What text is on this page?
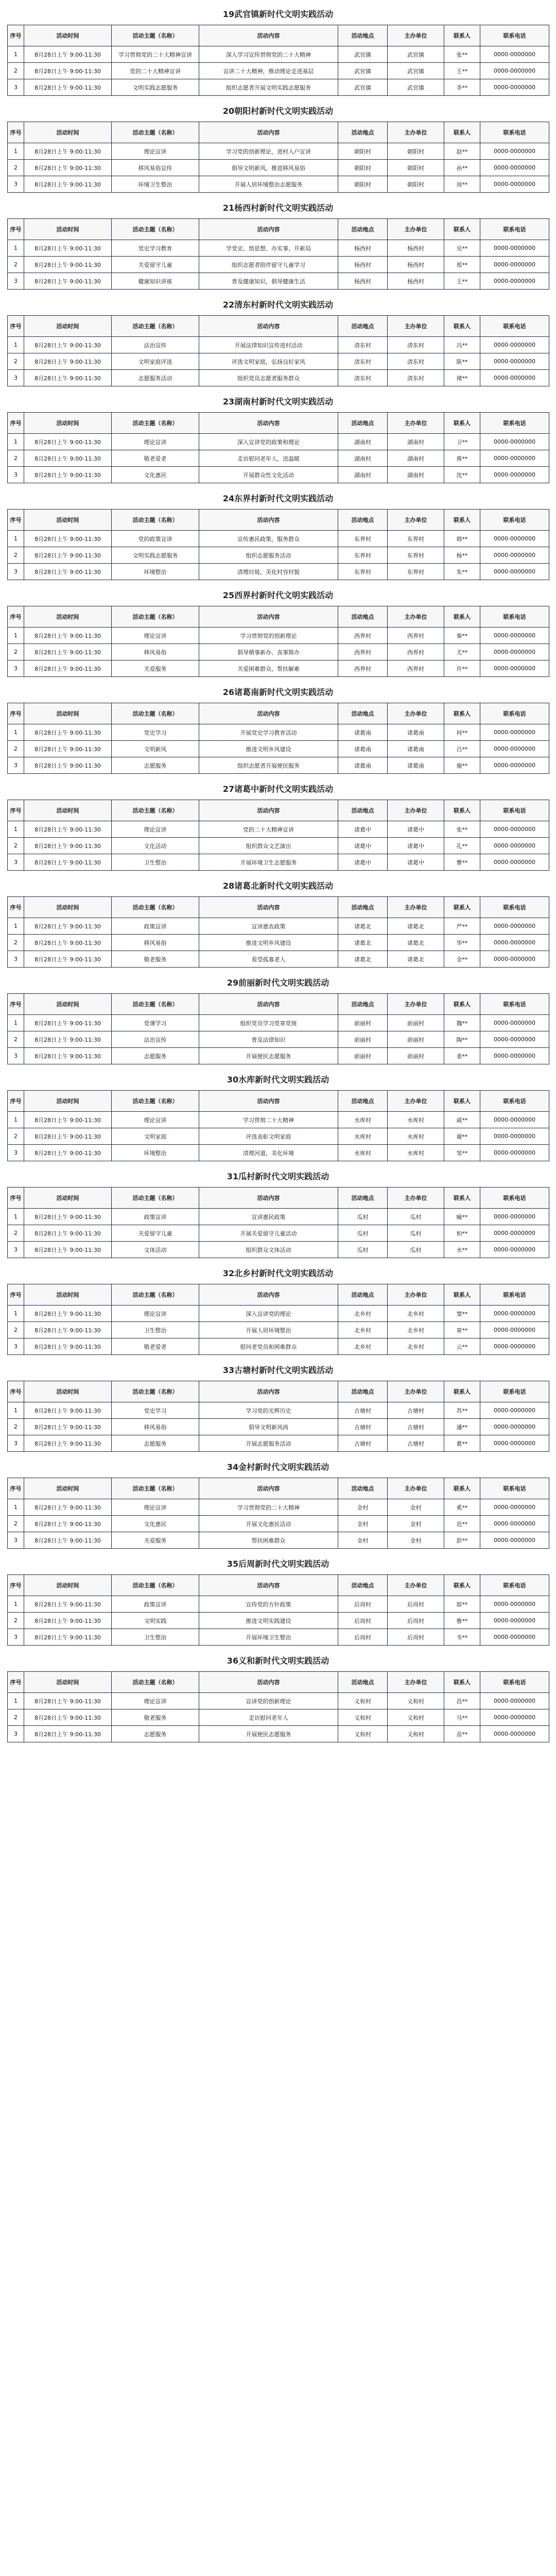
19武官镇新时代文明实践活动
序号	活动时间	活动主题（名称）	活动内容	活动地点	主办单位	联系人	联系电话
1	8月28日上午 9:00-11:30	学习贯彻党的二十大精神宣讲	深入学习宣传贯彻党的二十大精神	武官镇	武官镇	张**	0000-0000000
2	8月28日上午 9:00-11:30	党的二十大精神宣讲	宣讲二十大精神，推动理论走进基层	武官镇	武官镇	王**	0000-0000000
3	8月28日上午 9:00-11:30	文明实践志愿服务	组织志愿者开展文明实践志愿服务	武官镇	武官镇	李**	0000-0000000
20朝阳村新时代文明实践活动
序号	活动时间	活动主题（名称）	活动内容	活动地点	主办单位	联系人	联系电话
1	8月28日上午 9:00-11:30	理论宣讲	学习党的创新理论，进村入户宣讲	朝阳村	朝阳村	赵**	0000-0000000
2	8月28日上午 9:00-11:30	移风易俗宣传	倡导文明新风，推进移风易俗	朝阳村	朝阳村	孙**	0000-0000000
3	8月28日上午 9:00-11:30	环境卫生整治	开展人居环境整治志愿服务	朝阳村	朝阳村	周**	0000-0000000
21杨西村新时代文明实践活动
序号	活动时间	活动主题（名称）	活动内容	活动地点	主办单位	联系人	联系电话
1	8月28日上午 9:00-11:30	党史学习教育	学党史、悟思想、办实事、开新局	杨西村	杨西村	吴**	0000-0000000
2	8月28日上午 9:00-11:30	关爱留守儿童	组织志愿者陪伴留守儿童学习	杨西村	杨西村	郑**	0000-0000000
3	8月28日上午 9:00-11:30	健康知识讲座	普及健康知识，倡导健康生活	杨西村	杨西村	王**	0000-0000000
22清东村新时代文明实践活动
序号	活动时间	活动主题（名称）	活动内容	活动地点	主办单位	联系人	联系电话
1	8月28日上午 9:00-11:30	法治宣传	开展法律知识宣传进村活动	清东村	清东村	冯**	0000-0000000
2	8月28日上午 9:00-11:30	文明家庭评选	评选文明家庭，弘扬良好家风	清东村	清东村	陈**	0000-0000000
3	8月28日上午 9:00-11:30	志愿服务活动	组织党员志愿者服务群众	清东村	清东村	褚**	0000-0000000
23湖南村新时代文明实践活动
序号	活动时间	活动主题（名称）	活动内容	活动地点	主办单位	联系人	联系电话
1	8月28日上午 9:00-11:30	理论宣讲	深入宣讲党的政策和理论	湖南村	湖南村	卫**	0000-0000000
2	8月28日上午 9:00-11:30	敬老爱老	走访慰问老年人，送温暖	湖南村	湖南村	蒋**	0000-0000000
3	8月28日上午 9:00-11:30	文化惠民	开展群众性文化活动	湖南村	湖南村	沈**	0000-0000000
24东界村新时代文明实践活动
序号	活动时间	活动主题（名称）	活动内容	活动地点	主办单位	联系人	联系电话
1	8月28日上午 9:00-11:30	党的政策宣讲	宣传惠民政策，服务群众	东界村	东界村	韩**	0000-0000000
2	8月28日上午 9:00-11:30	文明实践志愿服务	组织志愿服务活动	东界村	东界村	杨**	0000-0000000
3	8月28日上午 9:00-11:30	环境整治	清理垃圾，美化村容村貌	东界村	东界村	朱**	0000-0000000
25西界村新时代文明实践活动
序号	活动时间	活动主题（名称）	活动内容	活动地点	主办单位	联系人	联系电话
1	8月28日上午 9:00-11:30	理论宣讲	学习贯彻党的创新理论	西界村	西界村	秦**	0000-0000000
2	8月28日上午 9:00-11:30	移风易俗	倡导婚事新办、丧事简办	西界村	西界村	尤**	0000-0000000
3	8月28日上午 9:00-11:30	关爱服务	关爱困难群众，帮扶解难	西界村	西界村	许**	0000-0000000
26诸葛南新时代文明实践活动
序号	活动时间	活动主题（名称）	活动内容	活动地点	主办单位	联系人	联系电话
1	8月28日上午 9:00-11:30	党史学习	开展党史学习教育活动	诸葛南	诸葛南	何**	0000-0000000
2	8月28日上午 9:00-11:30	文明新风	推进文明乡风建设	诸葛南	诸葛南	吕**	0000-0000000
3	8月28日上午 9:00-11:30	志愿服务	组织志愿者开展便民服务	诸葛南	诸葛南	施**	0000-0000000
27诸葛中新时代文明实践活动
序号	活动时间	活动主题（名称）	活动内容	活动地点	主办单位	联系人	联系电话
1	8月28日上午 9:00-11:30	理论宣讲	党的二十大精神宣讲	诸葛中	诸葛中	张**	0000-0000000
2	8月28日上午 9:00-11:30	文化活动	组织群众文艺演出	诸葛中	诸葛中	孔**	0000-0000000
3	8月28日上午 9:00-11:30	卫生整治	开展环境卫生志愿服务	诸葛中	诸葛中	曹**	0000-0000000
28诸葛北新时代文明实践活动
序号	活动时间	活动主题（名称）	活动内容	活动地点	主办单位	联系人	联系电话
1	8月28日上午 9:00-11:30	政策宣讲	宣讲惠农政策	诸葛北	诸葛北	严**	0000-0000000
2	8月28日上午 9:00-11:30	移风易俗	推进文明乡风建设	诸葛北	诸葛北	华**	0000-0000000
3	8月28日上午 9:00-11:30	敬老服务	看望孤寡老人	诸葛北	诸葛北	金**	0000-0000000
29前丽新时代文明实践活动
序号	活动时间	活动主题（名称）	活动内容	活动地点	主办单位	联系人	联系电话
1	8月28日上午 9:00-11:30	党课学习	组织党员学习党章党规	前丽村	前丽村	魏**	0000-0000000
2	8月28日上午 9:00-11:30	法治宣传	普及法律知识	前丽村	前丽村	陶**	0000-0000000
3	8月28日上午 9:00-11:30	志愿服务	开展便民志愿服务	前丽村	前丽村	姜**	0000-0000000
30水库新时代文明实践活动
序号	活动时间	活动主题（名称）	活动内容	活动地点	主办单位	联系人	联系电话
1	8月28日上午 9:00-11:30	理论宣讲	学习贯彻二十大精神	水库村	水库村	戚**	0000-0000000
2	8月28日上午 9:00-11:30	文明家庭	评选表彰文明家庭	水库村	水库村	谢**	0000-0000000
3	8月28日上午 9:00-11:30	环境整治	清理河道，美化环境	水库村	水库村	邹**	0000-0000000
31瓜村新时代文明实践活动
序号	活动时间	活动主题（名称）	活动内容	活动地点	主办单位	联系人	联系电话
1	8月28日上午 9:00-11:30	政策宣讲	宣讲惠民政策	瓜村	瓜村	喻**	0000-0000000
2	8月28日上午 9:00-11:30	关爱留守儿童	开展关爱留守儿童活动	瓜村	瓜村	柏**	0000-0000000
3	8月28日上午 9:00-11:30	文体活动	组织群众文体活动	瓜村	瓜村	水**	0000-0000000
32北乡村新时代文明实践活动
序号	活动时间	活动主题（名称）	活动内容	活动地点	主办单位	联系人	联系电话
1	8月28日上午 9:00-11:30	理论宣讲	深入宣讲党的理论	北乡村	北乡村	窦**	0000-0000000
2	8月28日上午 9:00-11:30	卫生整治	开展人居环境整治	北乡村	北乡村	章**	0000-0000000
3	8月28日上午 9:00-11:30	敬老爱老	慰问老党员和困难群众	北乡村	北乡村	云**	0000-0000000
33古塘村新时代文明实践活动
序号	活动时间	活动主题（名称）	活动内容	活动地点	主办单位	联系人	联系电话
1	8月28日上午 9:00-11:30	党史学习	学习党的光辉历史	古塘村	古塘村	苏**	0000-0000000
2	8月28日上午 9:00-11:30	移风易俗	倡导文明新风尚	古塘村	古塘村	潘**	0000-0000000
3	8月28日上午 9:00-11:30	志愿服务	开展志愿服务活动	古塘村	古塘村	葛**	0000-0000000
34金村新时代文明实践活动
序号	活动时间	活动主题（名称）	活动内容	活动地点	主办单位	联系人	联系电话
1	8月28日上午 9:00-11:30	理论宣讲	学习贯彻党的二十大精神	金村	金村	奚**	0000-0000000
2	8月28日上午 9:00-11:30	文化惠民	开展文化惠民活动	金村	金村	范**	0000-0000000
3	8月28日上午 9:00-11:30	关爱服务	帮扶困难群众	金村	金村	彭**	0000-0000000
35后周新时代文明实践活动
序号	活动时间	活动主题（名称）	活动内容	活动地点	主办单位	联系人	联系电话
1	8月28日上午 9:00-11:30	政策宣讲	宣传党的方针政策	后周村	后周村	郎**	0000-0000000
2	8月28日上午 9:00-11:30	文明实践	推进文明实践建设	后周村	后周村	鲁**	0000-0000000
3	8月28日上午 9:00-11:30	卫生整治	开展环境卫生整治	后周村	后周村	韦**	0000-0000000
36义和新时代文明实践活动
序号	活动时间	活动主题（名称）	活动内容	活动地点	主办单位	联系人	联系电话
1	8月28日上午 9:00-11:30	理论宣讲	宣讲党的创新理论	义和村	义和村	昌**	0000-0000000
2	8月28日上午 9:00-11:30	敬老服务	走访慰问老年人	义和村	义和村	马**	0000-0000000
3	8月28日上午 9:00-11:30	志愿服务	开展便民志愿服务	义和村	义和村	苗**	0000-0000000
